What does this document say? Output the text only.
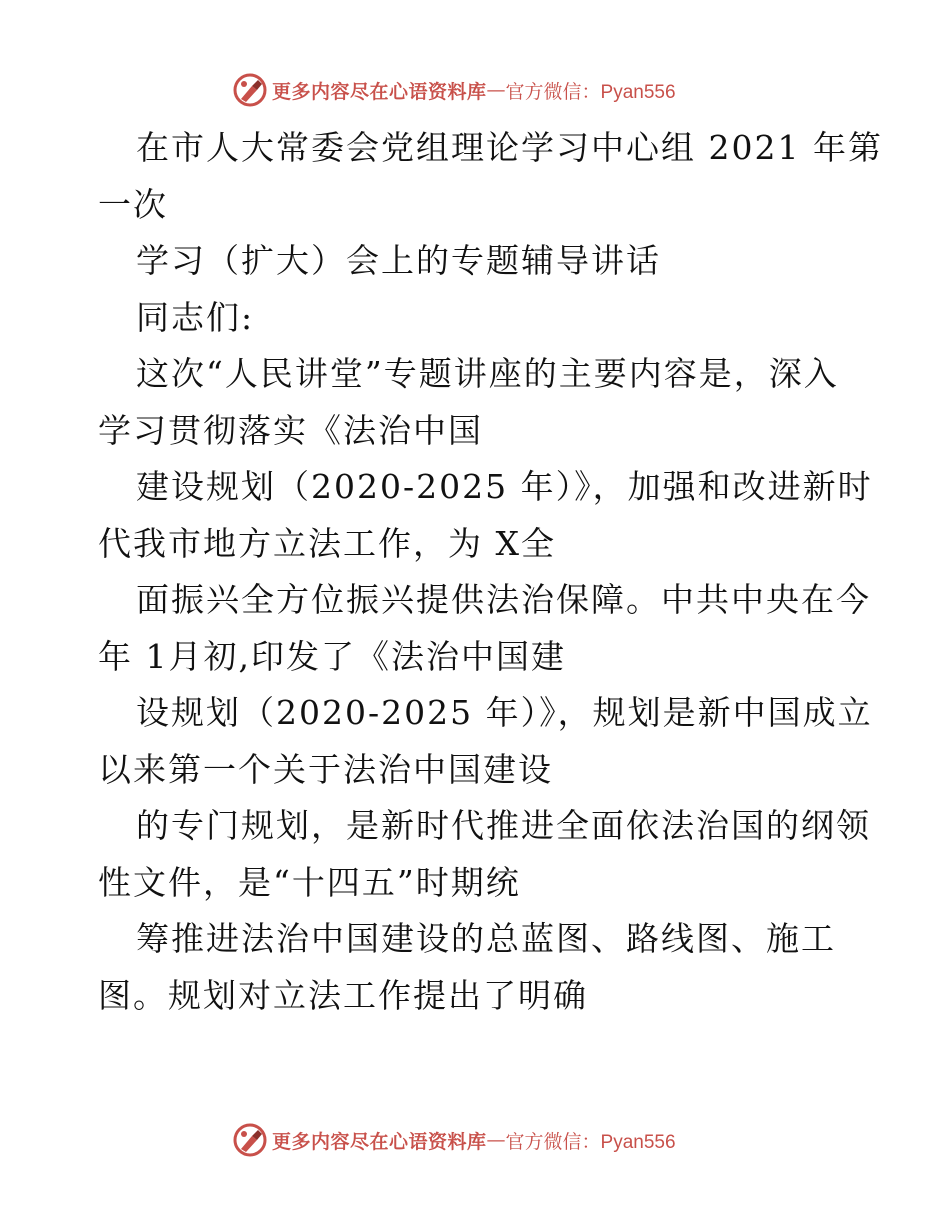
更多内容尽在心语资料库 — 官方微信：Pyan556
在市人大常委会党组理论学习中心组 2021 年第
一次
学习（扩大）会上的专题辅导讲话
同志们:
这次“人民讲堂”专题讲座的主要内容是，深入
学习贯彻落实《法治中国
建设规划（2020-2025 年）》，加强和改进新时
代我市地方立法工作，为 X全
面振兴全方位振兴提供法治保障。中共中央在今
年 1月初,印发了《法治中国建
设规划（2020-2025 年）》，规划是新中国成立
以来第一个关于法治中国建设
的专门规划，是新时代推进全面依法治国的纲领
性文件，是“十四五”时期统
筹推进法治中国建设的总蓝图、路线图、施工
图。规划对立法工作提出了明确
更多内容尽在心语资料库 — 官方微信：Pyan556
